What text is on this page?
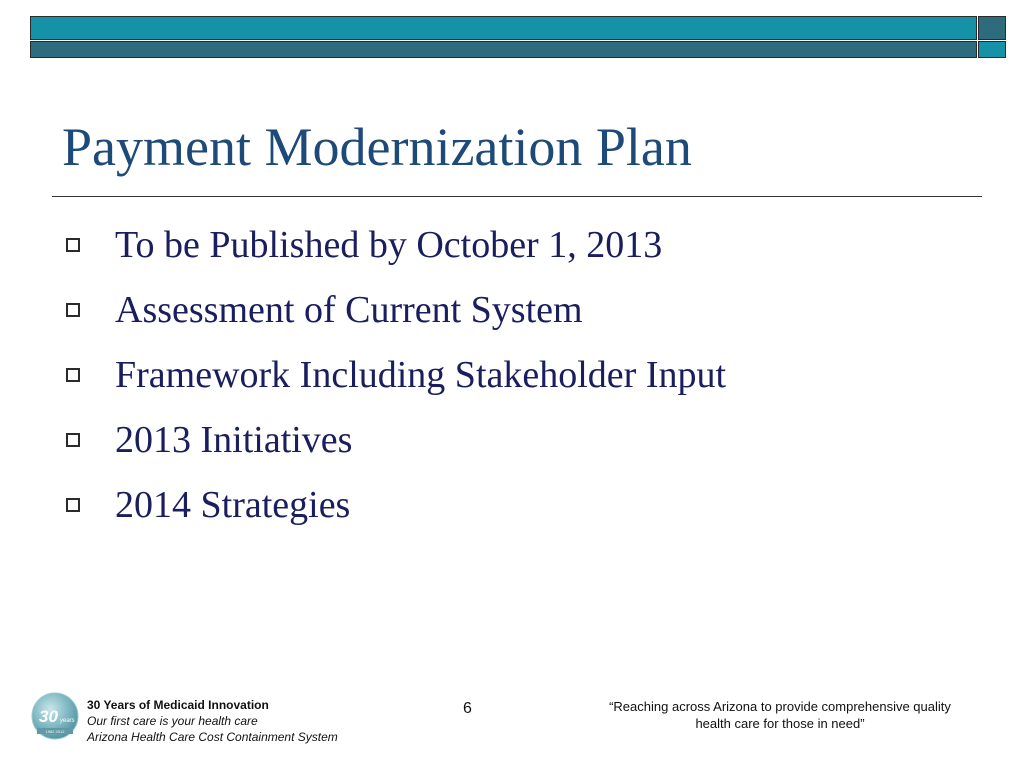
Payment Modernization Plan
To be Published by October 1, 2013
Assessment of Current System
Framework Including Stakeholder Input
2013 Initiatives
2014 Strategies
30 years
1982 2012
30 Years of Medicaid Innovation
Our first care is your health care
Arizona Health Care Cost Containment System
6	“Reaching across Arizona to provide comprehensive quality
health care for those in need”
